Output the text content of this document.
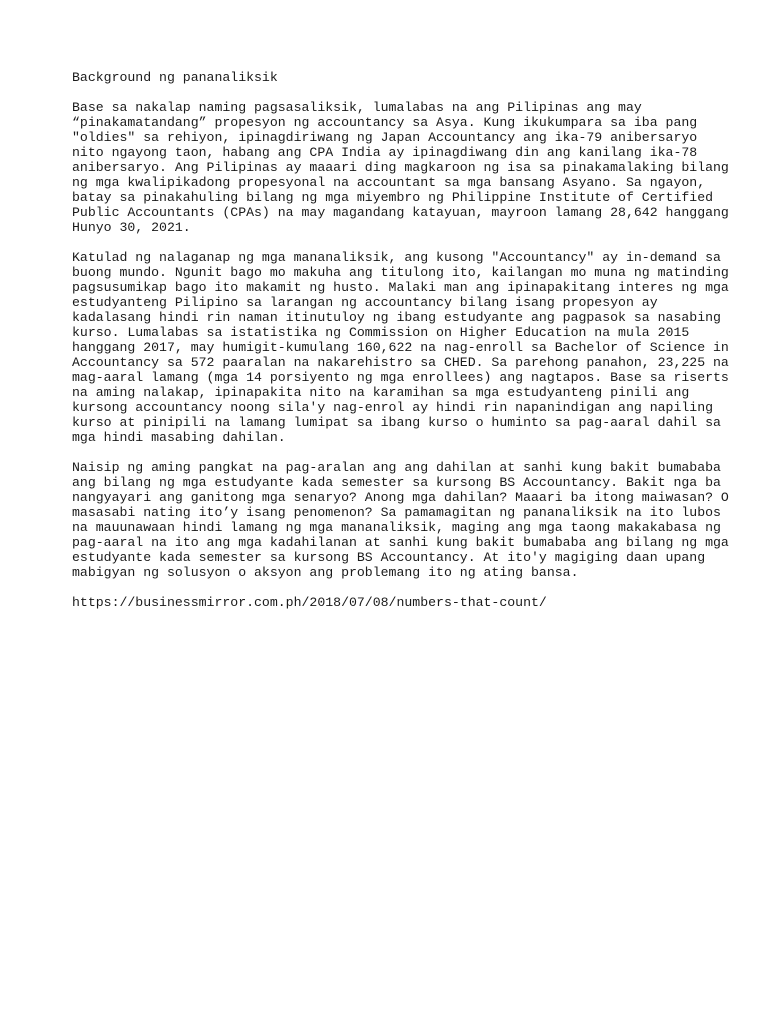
Background ng pananaliksik
Base sa nakalap naming pagsasaliksik, lumalabas na ang Pilipinas ang may
“pinakamatandang” propesyon ng accountancy sa Asya. Kung ikukumpara sa iba pang
"oldies" sa rehiyon, ipinagdiriwang ng Japan Accountancy ang ika-79 anibersaryo
nito ngayong taon, habang ang CPA India ay ipinagdiwang din ang kanilang ika-78
anibersaryo. Ang Pilipinas ay maaari ding magkaroon ng isa sa pinakamalaking bilang
ng mga kwalipikadong propesyonal na accountant sa mga bansang Asyano. Sa ngayon,
batay sa pinakahuling bilang ng mga miyembro ng Philippine Institute of Certified
Public Accountants (CPAs) na may magandang katayuan, mayroon lamang 28,642 hanggang
Hunyo 30, 2021.
Katulad ng nalaganap ng mga mananaliksik, ang kusong "Accountancy" ay in-demand sa
buong mundo. Ngunit bago mo makuha ang titulong ito, kailangan mo muna ng matinding
pagsusumikap bago ito makamit ng husto. Malaki man ang ipinapakitang interes ng mga
estudyanteng Pilipino sa larangan ng accountancy bilang isang propesyon ay
kadalasang hindi rin naman itinutuloy ng ibang estudyante ang pagpasok sa nasabing
kurso. Lumalabas sa istatistika ng Commission on Higher Education na mula 2015
hanggang 2017, may humigit-kumulang 160,622 na nag-enroll sa Bachelor of Science in
Accountancy sa 572 paaralan na nakarehistro sa CHED. Sa parehong panahon, 23,225 na
mag-aaral lamang (mga 14 porsiyento ng mga enrollees) ang nagtapos. Base sa riserts
na aming nalakap, ipinapakita nito na karamihan sa mga estudyanteng pinili ang
kursong accountancy noong sila'y nag-enrol ay hindi rin napanindigan ang napiling
kurso at pinipili na lamang lumipat sa ibang kurso o huminto sa pag-aaral dahil sa
mga hindi masabing dahilan.
Naisip ng aming pangkat na pag-aralan ang ang dahilan at sanhi kung bakit bumababa
ang bilang ng mga estudyante kada semester sa kursong BS Accountancy. Bakit nga ba
nangyayari ang ganitong mga senaryo? Anong mga dahilan? Maaari ba itong maiwasan? O
masasabi nating ito’y isang penomenon? Sa pamamagitan ng pananaliksik na ito lubos
na mauunawaan hindi lamang ng mga mananaliksik, maging ang mga taong makakabasa ng
pag-aaral na ito ang mga kadahilanan at sanhi kung bakit bumababa ang bilang ng mga
estudyante kada semester sa kursong BS Accountancy. At ito'y magiging daan upang
mabigyan ng solusyon o aksyon ang problemang ito ng ating bansa.
https://businessmirror.com.ph/2018/07/08/numbers-that-count/
